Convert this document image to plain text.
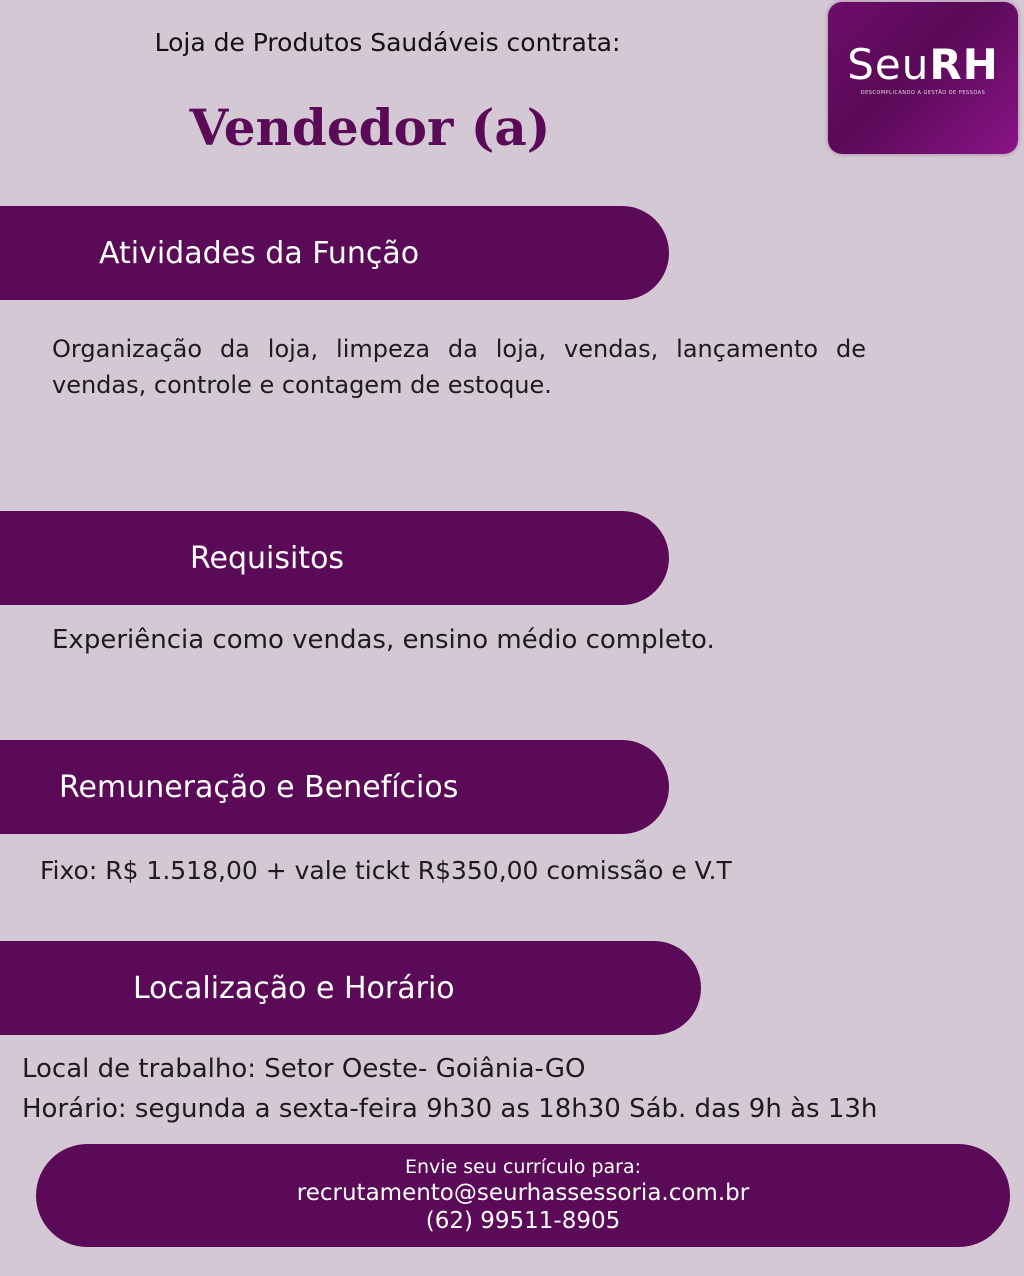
Loja de Produtos Saudáveis contrata:
Vendedor (a)
SeuRH
DESCOMPLICANDO A GESTÃO DE PESSOAS
Atividades da Função
Organização da loja, limpeza da loja, vendas, lançamento de vendas, controle e contagem de estoque.
Requisitos
Experiência como vendas, ensino médio completo.
Remuneração e Benefícios
Fixo: R$ 1.518,00 + vale tickt R$350,00 comissão e V.T
Localização e Horário
Local de trabalho: Setor Oeste- Goiânia-GO
Horário: segunda a sexta-feira 9h30 as 18h30 Sáb. das 9h às 13h
Envie seu currículo para:
recrutamento@seurhassessoria.com.br
(62) 99511-8905
